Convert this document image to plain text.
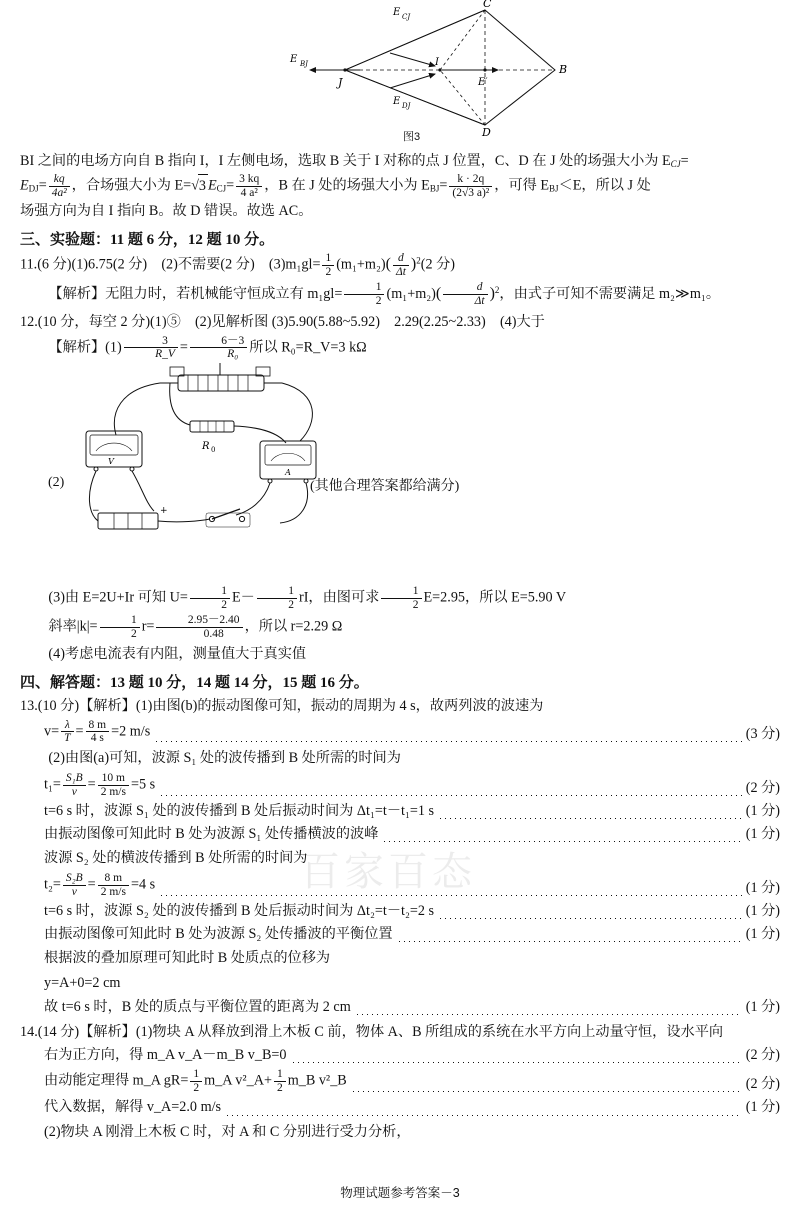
百家百态
C
D
B
J
I
E′
E BJ
E CJ
E DJ
图3
BI 之间的电场方向自 B 指向 I，I 左侧电场，选取 B 关于 I 对称的点 J 位置，C、D 在 J 处的场强大小为 ECJ=
$EDJ= \frac{kq}{\text{4a²}}$ ，合场强大小为 E=√3 $ECJ= \frac{3 kq}{\text{4 a²}}$ ，B 在 J 处的场强大小为 $EBJ= \frac{k \cdot 2q}{\text{(2√3 a)²}}$ ，可得 EBJ＜E，所以 J 处
场强方向为自 I 指向 B。故 D 错误。故选 AC。
三、实验题：11 题 6 分，12 题 10 分。
11.(6 分)(1)6.75(2 分)　(2)不需要(2 分)　$(3)m_1gl= \frac{1}{2} (m_1+m_2)( \frac{d}{\Delta t} )^2(2$ 分)
【解析】无阻力时，若机械能守恒成立有 $m_1gl= \frac{1}{2} (m_1+m_2)( \frac{d}{\Delta t} )^2$，由式子可知不需要满足 m₂≫m₁。
12.(10 分，每空 2 分)(1)⑤　(2)见解析图 (3)5.90(5.88~5.92)　2.29(2.25~2.33)　(4)大于
【解析】$(1) \frac{3}{R\_V} = \frac{6-3}{\text{R₀}}$ 所以 R₀=R_V=3 kΩ
V
R 0
A
−	+
(2)	(其他合理答案都给满分)
(3)由 E=2U+Ir 可知 $U= \frac{1}{2} E- \frac{1}{2}$ rI，由图可求 $\frac{1}{2} E=2.95$，所以 E=5.90 V
斜率$|k|= \frac{1}{2} r= \frac{2.95-2.40}{0.48}$ ，所以 r=2.29 Ω
(4)考虑电流表有内阻，测量值大于真实值
四、解答题：13 题 10 分，14 题 14 分，15 题 16 分。
13.(10 分)【解析】(1)由图(b)的振动图像可知，振动的周期为 4 s，故两列波的波速为
$v= \frac{\lambda}{T} = \frac{8 m}{4 s} =2$ m/s	(3 分)
(2)由图(a)可知，波源 S₁ 处的波传播到 B 处所需的时间为
$t_1= \frac{\text{S₁B}}{v} = \frac{10 m}{2 m/s} =5$ s	(2 分)
t=6 s 时，波源 S₁ 处的波传播到 B 处后振动时间为 Δt₁=t－t₁=1 s	(1 分)
由振动图像可知此时 B 处为波源 S₁ 处传播横波的波峰	(1 分)
波源 S₂ 处的横波传播到 B 处所需的时间为
$t_2= \frac{\text{S₂B}}{v} = \frac{8 m}{2 m/s} =4$ s	(1 分)
t=6 s 时，波源 S₂ 处的波传播到 B 处后振动时间为 Δt₂=t－t₂=2 s	(1 分)
由振动图像可知此时 B 处为波源 S₂ 处传播波的平衡位置	(1 分)
根据波的叠加原理可知此时 B 处质点的位移为
y=A+0=2 cm
故 t=6 s 时，B 处的质点与平衡位置的距离为 2 cm	(1 分)
14.(14 分)【解析】(1)物块 A 从释放到滑上木板 C 前，物体 A、B 所组成的系统在水平方向上动量守恒，设水平向
右为正方向，得 m_A v_A－m_B v_B=0	(2 分)
由动能定理得 m_A $gR= \frac{1}{2}$ m_A v²_A+ $\frac{1}{2}$ m_B v²_B	(2 分)
代入数据，解得 v_A=2.0 m/s	(1 分)
(2)物块 A 刚滑上木板 C 时，对 A 和 C 分别进行受力分析，
物理试题参考答案－3
